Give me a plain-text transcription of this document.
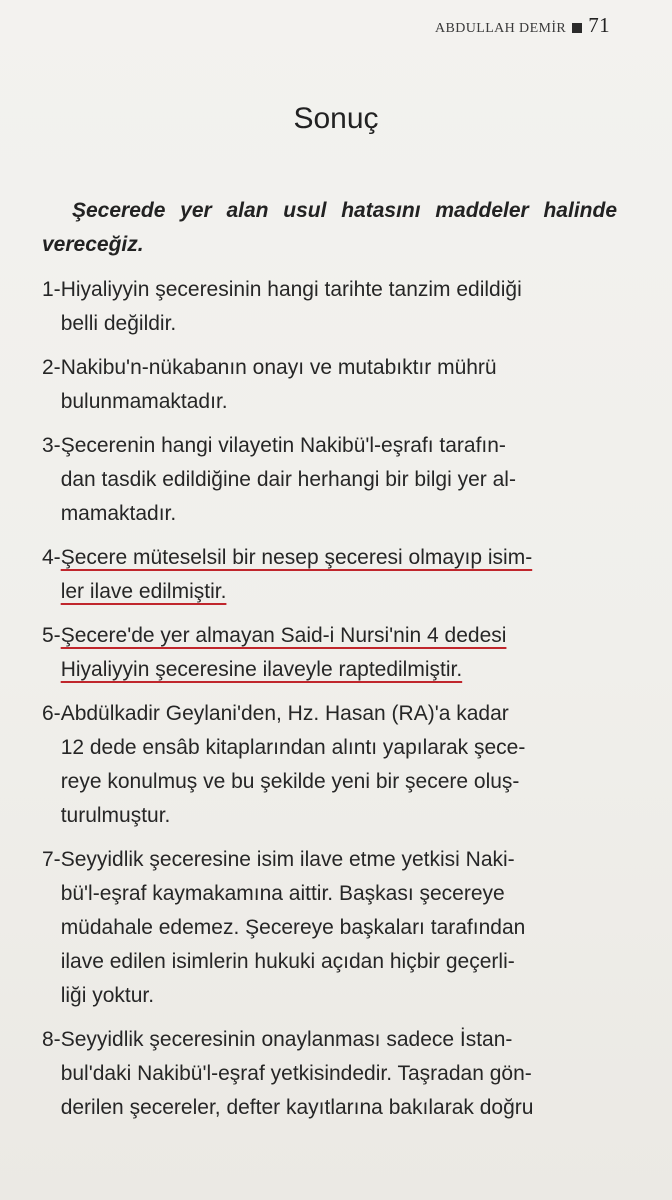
ABDULLAH DEMİR 71
Sonuç
Şecerede yer alan usul hatasını maddeler halinde vereceğiz.
1- Hiyaliyyin şeceresinin hangi tarihte tanzim edildiği
belli değildir.
2- Nakibu'n-nükabanın onayı ve mutabıktır mührü
bulunmamaktadır.
3- Şecerenin hangi vilayetin Nakibü'l-eşrafı tarafın-
dan tasdik edildiğine dair herhangi bir bilgi yer al-
mamaktadır.
4- Şecere müteselsil bir nesep şeceresi olmayıp isim-
ler ilave edilmiştir.
5- Şecere'de yer almayan Said-i Nursi'nin 4 dedesi
Hiyaliyyin şeceresine ilaveyle raptedilmiştir.
6- Abdülkadir Geylani'den, Hz. Hasan (RA)'a kadar
12 dede ensâb kitaplarından alıntı yapılarak şece-
reye konulmuş ve bu şekilde yeni bir şecere oluş-
turulmuştur.
7- Seyyidlik şeceresine isim ilave etme yetkisi Naki-
bü'l-eşraf kaymakamına aittir. Başkası şecereye
müdahale edemez. Şecereye başkaları tarafından
ilave edilen isimlerin hukuki açıdan hiçbir geçerli-
liği yoktur.
8- Seyyidlik şeceresinin onaylanması sadece İstan-
bul'daki Nakibü'l-eşraf yetkisindedir. Taşradan gön-
derilen şecereler, defter kayıtlarına bakılarak doğru
